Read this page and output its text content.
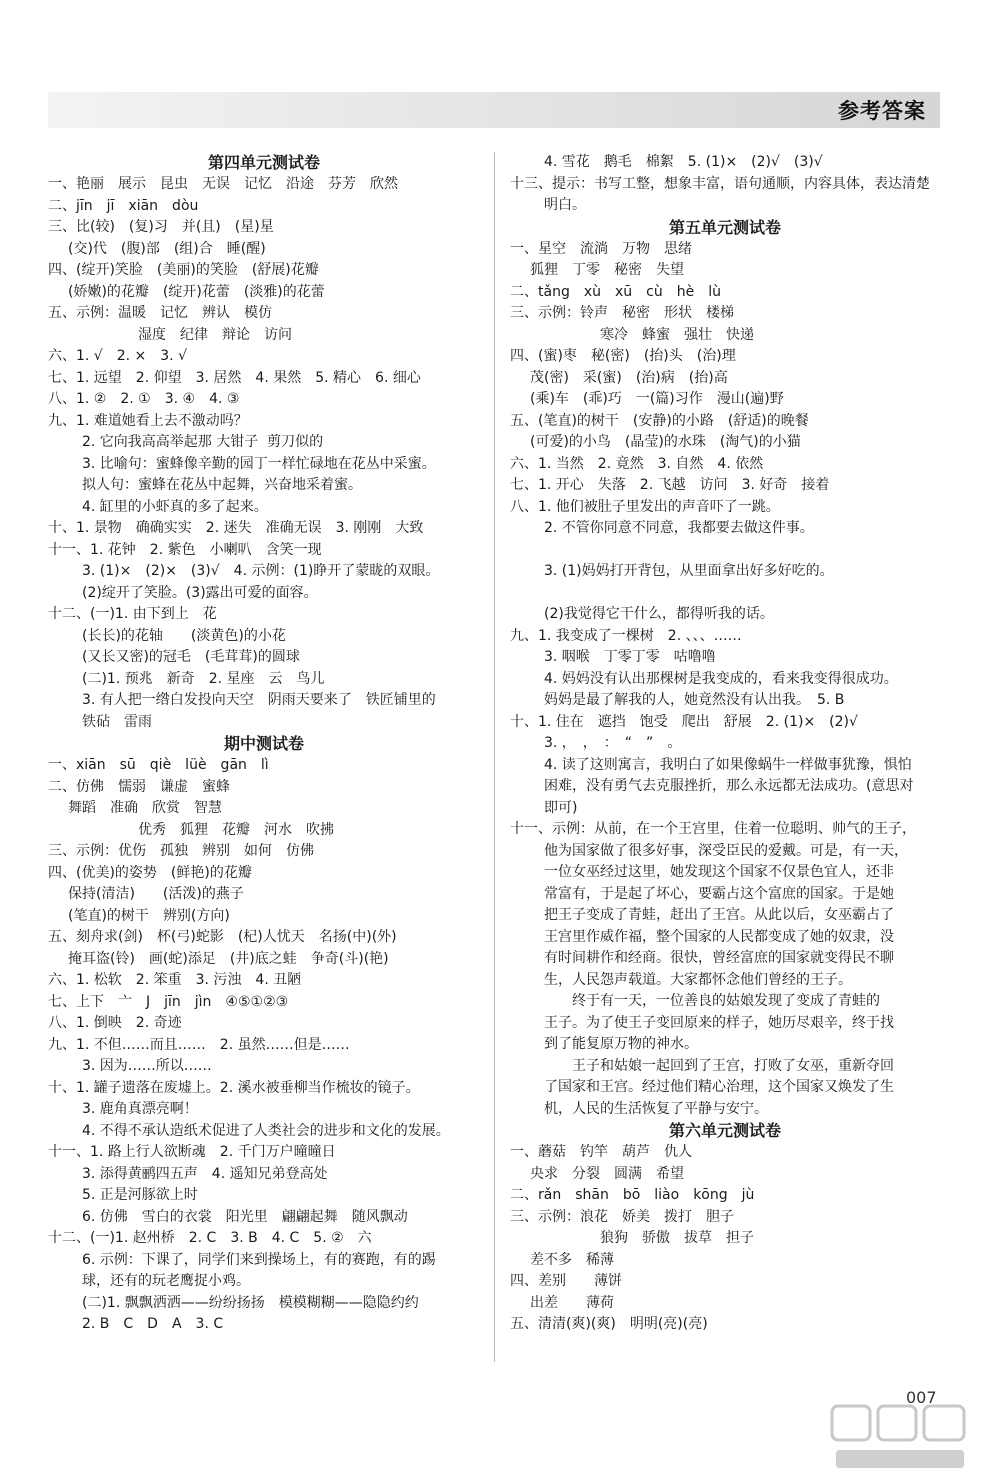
参考答案
第四单元测试卷
一、艳丽　展示　昆虫　无误　记忆　沿途　芬芳　欣然
二、jīn　jī　xiān　dòu
三、比(较)　(复)习　并(且)　(星)星
(交)代　(腹)部　(组)合　睡(醒)
四、(绽开)笑脸　(美丽)的笑脸　(舒展)花瓣
(娇嫩)的花瓣　(绽开)花蕾　(淡雅)的花蕾
五、示例：温暖　记忆　辨认　模仿
湿度　纪律　辩论　访问
六、1. √　2. ×　3. √
七、1. 远望　2. 仰望　3. 居然　4. 果然　5. 精心　6. 细心
八、1. ②　2. ①　3. ④　4. ③
九、1. 难道她看上去不激动吗？
2. 它向我高高举起那 大钳子  剪刀似的
3. 比喻句：蜜蜂像辛勤的园丁一样忙碌地在花丛中采蜜。
拟人句：蜜蜂在花丛中起舞，兴奋地采着蜜。
4. 缸里的小虾真的多了起来。
十、1. 景物　确确实实　2. 迷失　准确无误　3. 刚刚　大致
十一、1. 花钟　2. 紫色　小喇叭　含笑一现
3. (1)×　(2)×　(3)√　4. 示例：(1)睁开了蒙眬的双眼。
(2)绽开了笑脸。(3)露出可爱的面容。
十二、(一)1. 由下到上　花
(长长)的花轴　　(淡黄色)的小花
(又长又密)的冠毛　(毛茸茸)的圆球
(二)1. 预兆　新奇　2. 星座　云　鸟儿
3. 有人把一绺白发投向天空　阴雨天要来了　铁匠铺里的
铁砧　雷雨
期中测试卷
一、xiān　sū　qiè　lüè　gān　lì
二、仿佛　懦弱　谦虚　蜜蜂
舞蹈　准确　欣赏　智慧
优秀　狐狸　花瓣　河水　吹拂
三、示例：优伤　孤独　辨别　如何　仿佛
四、(优美)的姿势　(鲜艳)的花瓣
保持(清洁)　　(活泼)的燕子
(笔直)的树干　辨别(方向)
五、刻舟求(剑)　杯(弓)蛇影　(杞)人忧天　名扬(中)(外)
掩耳盗(铃)　画(蛇)添足　(井)底之蛙　争奇(斗)(艳)
六、1. 松软　2. 笨重　3. 污浊　4. 丑陋
七、上下　亠　J　jīn　jìn　④⑤①②③
八、1. 倒映　2. 奇迹
九、1. 不但……而且……　2. 虽然……但是……
3. 因为……所以……
十、1. 罐子遗落在废墟上。2. 溪水被垂柳当作梳妆的镜子。
3. 鹿角真漂亮啊！
4. 不得不承认造纸术促进了人类社会的进步和文化的发展。
十一、1. 路上行人欲断魂　2. 千门万户曈曈日
3. 添得黄鹂四五声　4. 遥知兄弟登高处
5. 正是河豚欲上时
6. 仿佛　雪白的衣裳　阳光里　翩翩起舞　随风飘动
十二、(一)1. 赵州桥　2. C　3. B　4. C　5. ②　六
6. 示例：下课了，同学们来到操场上，有的赛跑，有的踢
球，还有的玩老鹰捉小鸡。
(二)1. 飘飘洒洒——纷纷扬扬　模模糊糊——隐隐约约
2. B　C　D　A　3. C
4. 雪花　鹅毛　棉絮　5. (1)×　(2)√　(3)√
十三、提示：书写工整，想象丰富，语句通顺，内容具体，表达清楚
明白。
第五单元测试卷
一、星空　流淌　万物　思绪
狐狸　丁零　秘密　失望
二、tǎng　xù　xū　cù　hè　lù
三、示例：铃声　秘密　形状　楼梯
寒冷　蜂蜜　强壮　快递
四、(蜜)枣　秘(密)　(抬)头　(治)理
茂(密)　采(蜜)　(治)病　(抬)高
(乘)车　(乖)巧　一(篇)习作　漫山(遍)野
五、(笔直)的树干　(安静)的小路　(舒适)的晚餐
(可爱)的小鸟　(晶莹)的水珠　(淘气)的小猫
六、1. 当然　2. 竟然　3. 自然　4. 依然
七、1. 开心　失落　2. 飞越　访问　3. 好奇　接着
八、1. 他们被肚子里发出的声音吓了一跳。
2. 不管你同意不同意，我都要去做这件事。
3. (1)妈妈打开背包，从里面拿出好多好吃的。
(2)我觉得它干什么，都得听我的话。
九、1. 我变成了一棵树　2. 、、、……
3. 咽喉　丁零丁零　咕噜噜
4. 妈妈没有认出那棵树是我变成的，看来我变得很成功。
妈妈是最了解我的人，她竟然没有认出我。　5. B
十、1. 住在　遮挡　饱受　爬出　舒展　2. (1)×　(2)√
3. ，　，　：　“　”　。
4. 读了这则寓言，我明白了如果像蜗牛一样做事犹豫，惧怕
困难，没有勇气去克服挫折，那么永远都无法成功。(意思对
即可)
十一、示例：从前，在一个王宫里，住着一位聪明、帅气的王子，
他为国家做了很多好事，深受臣民的爱戴。可是，有一天，
一位女巫经过这里，她发现这个国家不仅景色宜人，还非
常富有，于是起了坏心，要霸占这个富庶的国家。于是她
把王子变成了青蛙，赶出了王宫。从此以后，女巫霸占了
王宫里作威作福，整个国家的人民都变成了她的奴隶，没
有时间耕作和经商。很快，曾经富庶的国家就变得民不聊
生，人民怨声载道。大家都怀念他们曾经的王子。
　　终于有一天，一位善良的姑娘发现了变成了青蛙的
王子。为了使王子变回原来的样子，她历尽艰辛，终于找
到了能复原万物的神水。
　　王子和姑娘一起回到了王宫，打败了女巫，重新夺回
了国家和王宫。经过他们精心治理，这个国家又焕发了生
机，人民的生活恢复了平静与安宁。
第六单元测试卷
一、蘑菇　钓竿　葫芦　仇人
央求　分裂　圆满　希望
二、rǎn　shān　bō　liào　kōng　jù
三、示例：浪花　娇美　拨打　胆子
狼狗　骄傲　拔草　担子
差不多　稀薄
四、差别　　薄饼
出差　　薄荷
五、清清(爽)(爽)　明明(亮)(亮)
007
